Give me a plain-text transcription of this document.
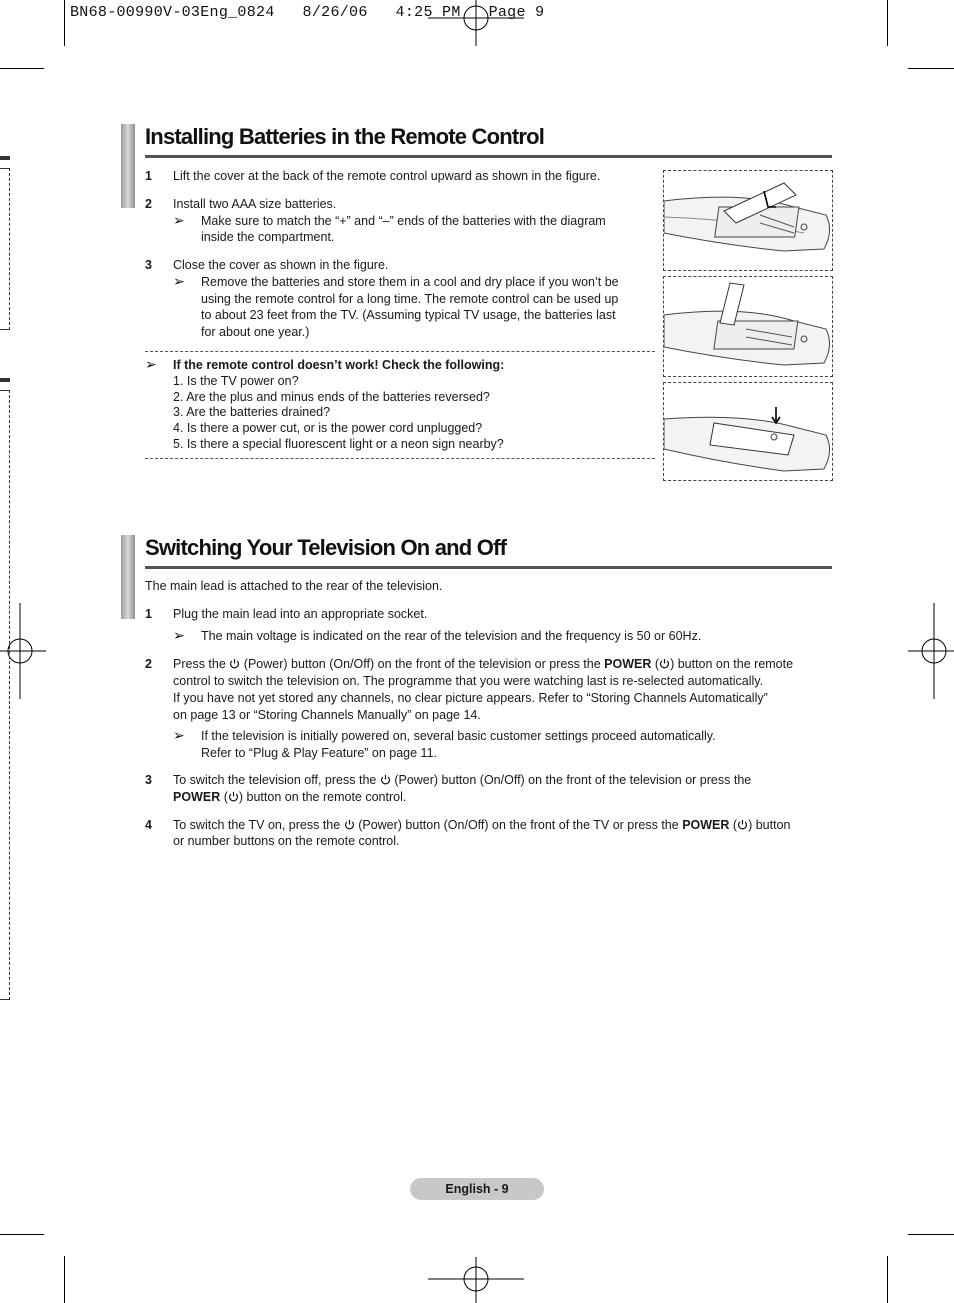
BN68-00990V-03Eng_0824   8/26/06   4:25 PM   Page 9
Installing Batteries in the Remote Control
1 Lift the cover at the back of the remote control upward as shown in the figure.
2 Install two AAA size batteries.
➢ Make sure to match the “+” and “–” ends of the batteries with the diagram
inside the compartment.
3 Close the cover as shown in the figure.
➢ Remove the batteries and store them in a cool and dry place if you won’t be
using the remote control for a long time. The remote control can be used up
to about 23 feet from the TV. (Assuming typical TV usage, the batteries last
for about one year.)
➢ If the remote control doesn’t work! Check the following:
1. Is the TV power on?
2. Are the plus and minus ends of the batteries reversed?
3. Are the batteries drained?
4. Is there a power cut, or is the power cord unplugged?
5. Is there a special fluorescent light or a neon sign nearby?
Switching Your Television On and Off
The main lead is attached to the rear of the television.
1 Plug the main lead into an appropriate socket.
➢ The main voltage is indicated on the rear of the television and the frequency is 50 or 60Hz.
2 Press the (Power) button (On/Off) on the front of the television or press the POWER ( ) button on the remote
control to switch the television on. The programme that you were watching last is re-selected automatically.
If you have not yet stored any channels, no clear picture appears. Refer to “Storing Channels Automatically”
on page 13 or “Storing Channels Manually” on page 14.
➢ If the television is initially powered on, several basic customer settings proceed automatically.
Refer to “Plug & Play Feature” on page 11.
3 To switch the television off, press the (Power) button (On/Off) on the front of the television or press the
POWER ( ) button on the remote control.
4 To switch the TV on, press the (Power) button (On/Off) on the front of the TV or press the POWER ( ) button
or number buttons on the remote control.
English - 9
